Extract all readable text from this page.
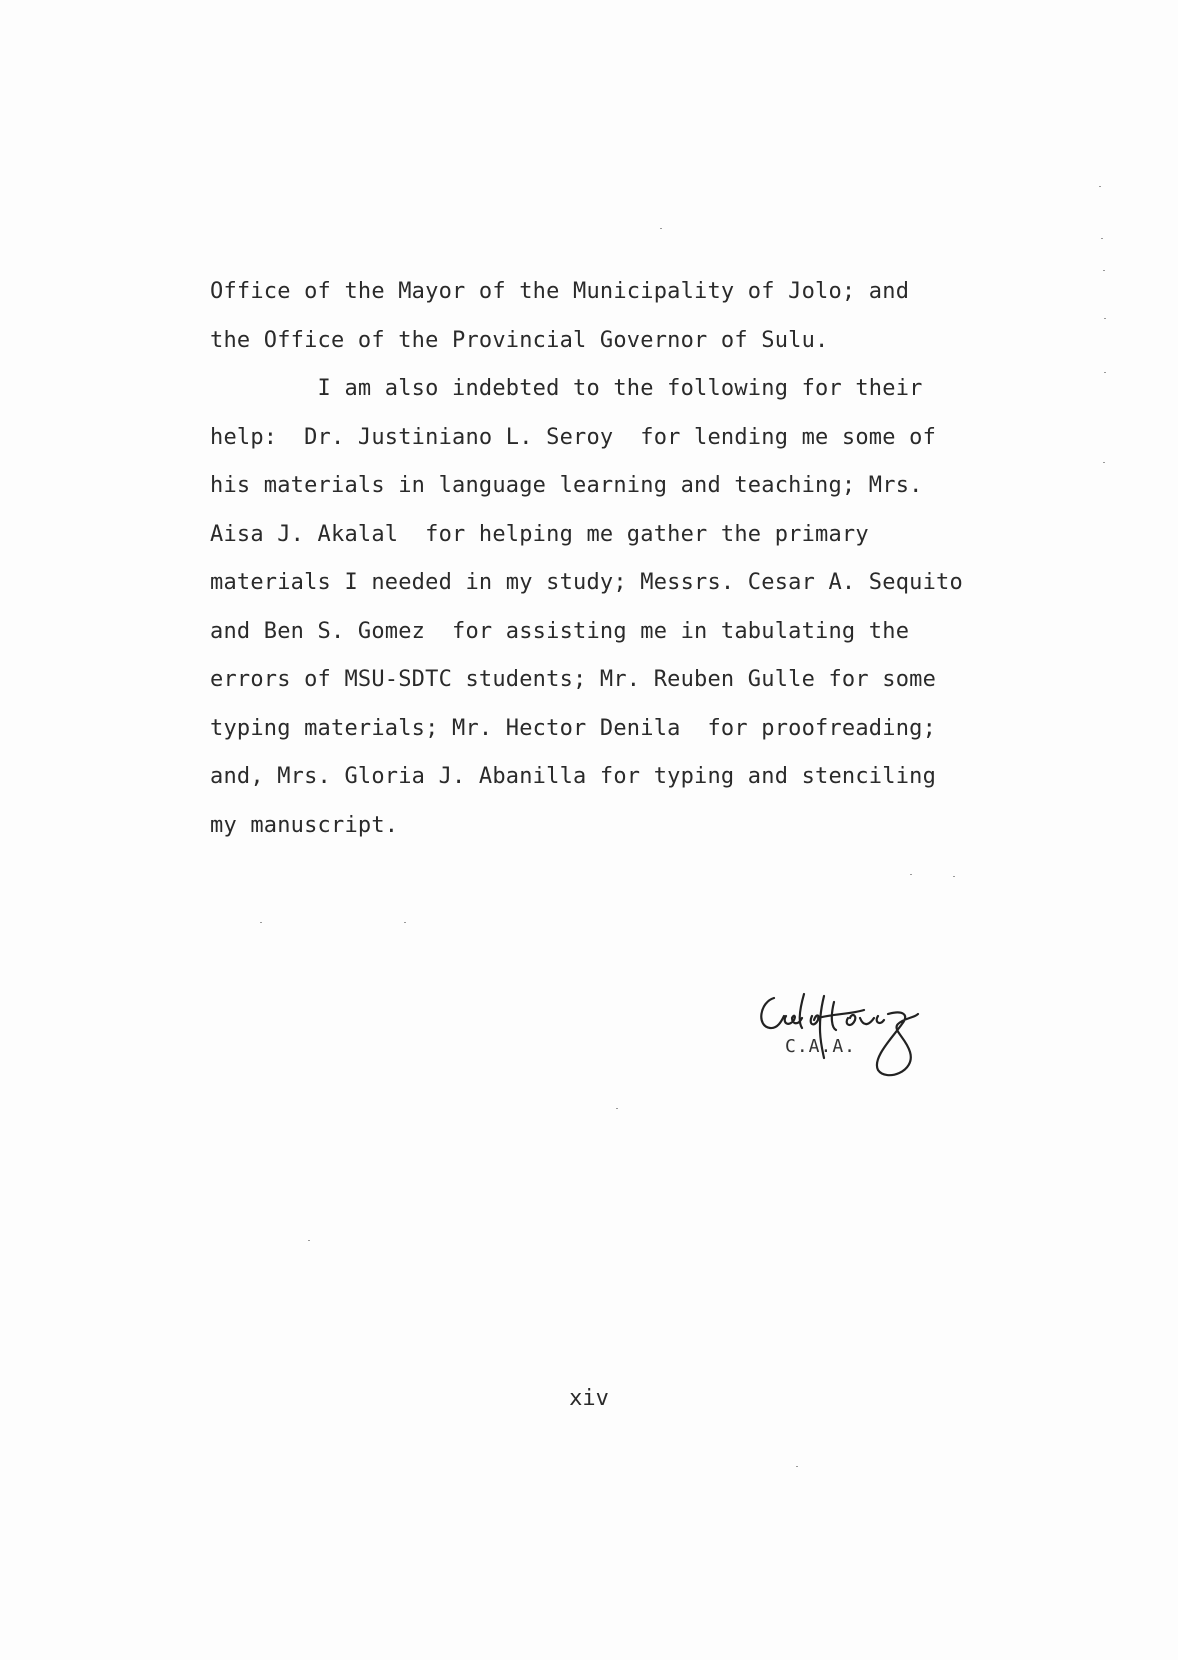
Office of the Mayor of the Municipality of Jolo; and
the Office of the Provincial Governor of Sulu.
I am also indebted to the following for their
help:  Dr. Justiniano L. Seroy  for lending me some of
his materials in language learning and teaching; Mrs.
Aisa J. Akalal  for helping me gather the primary
materials I needed in my study; Messrs. Cesar A. Sequito
and Ben S. Gomez  for assisting me in tabulating the
errors of MSU-SDTC students; Mr. Reuben Gulle for some
typing materials; Mr. Hector Denila  for proofreading;
and, Mrs. Gloria J. Abanilla for typing and stenciling
my manuscript.
C.A.A.
xiv
